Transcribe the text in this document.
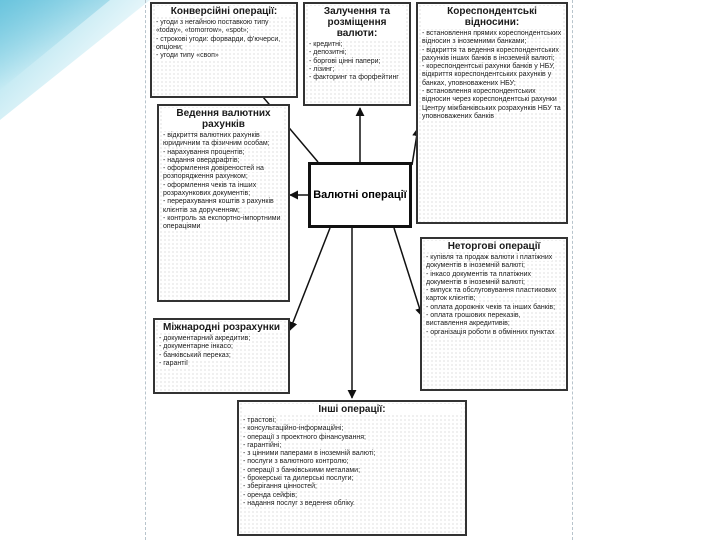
Конверсійні операції:
- угоди з негайною поставкою типу «today», «tomorrow», «spot»;
- строкові угоди: форварди, ф'ючерси, опціони;
- угоди типу «своп»
Залучення та розміщення валюти:
- кредитні;
- депозитні;
- боргові цінні папери;
- лізинг;
- факторинг та форфейтинг
Кореспондентські відносини:
- встановлення прямих кореспондентських відносин з іноземними банками;
- відкриття та ведення кореспондентських рахунків інших банків в іноземній валюті;
- кореспондентські рахунки банків у НБУ, відкриття кореспондентських рахунків у банках, уповноважених НБУ;
- встановлення кореспондентських відносин через кореспондентські рахунки Центру міжбанківських розрахунків НБУ та уповноважених банків
Ведення валютних рахунків
- відкриття валютних рахунків юридичним та фізичним особам;
- нарахування процентів;
- надання овердрафтів;
- оформлення довіреностей на розпорядження рахунком;
- оформлення чеків та інших розрахункових документів;
- перерахування коштів з рахунків клієнтів за дорученням;
- контроль за експортно-імпортними операціями
Валютні операції
Неторгові операції
- купівля та продаж валюти і платіжних документів в іноземній валюті;
- інкасо документів та платіжних документів в іноземній валюті;
- випуск та обслуговування пластикових карток клієнтів;
- оплата дорожніх чеків та інших банків;
- оплата грошових переказів, виставлення акредитивів;
- організація роботи в обмінних пунктах
Міжнародні розрахунки
- документарний акредитив;
- документарне інкасо;
- банківський переказ;
- гарантії
Інші операції:
- трастові;
- консультаційно-інформаційні;
- операції з проектного фінансування;
- гарантійні;
- з цінними паперами в іноземній валюті;
- послуги з валютного контролю;
- операції з банківськими металами;
- брокерські та дилерські послуги;
- зберігання цінностей;
- оренда сейфів;
- надання послуг з ведення обліку.
